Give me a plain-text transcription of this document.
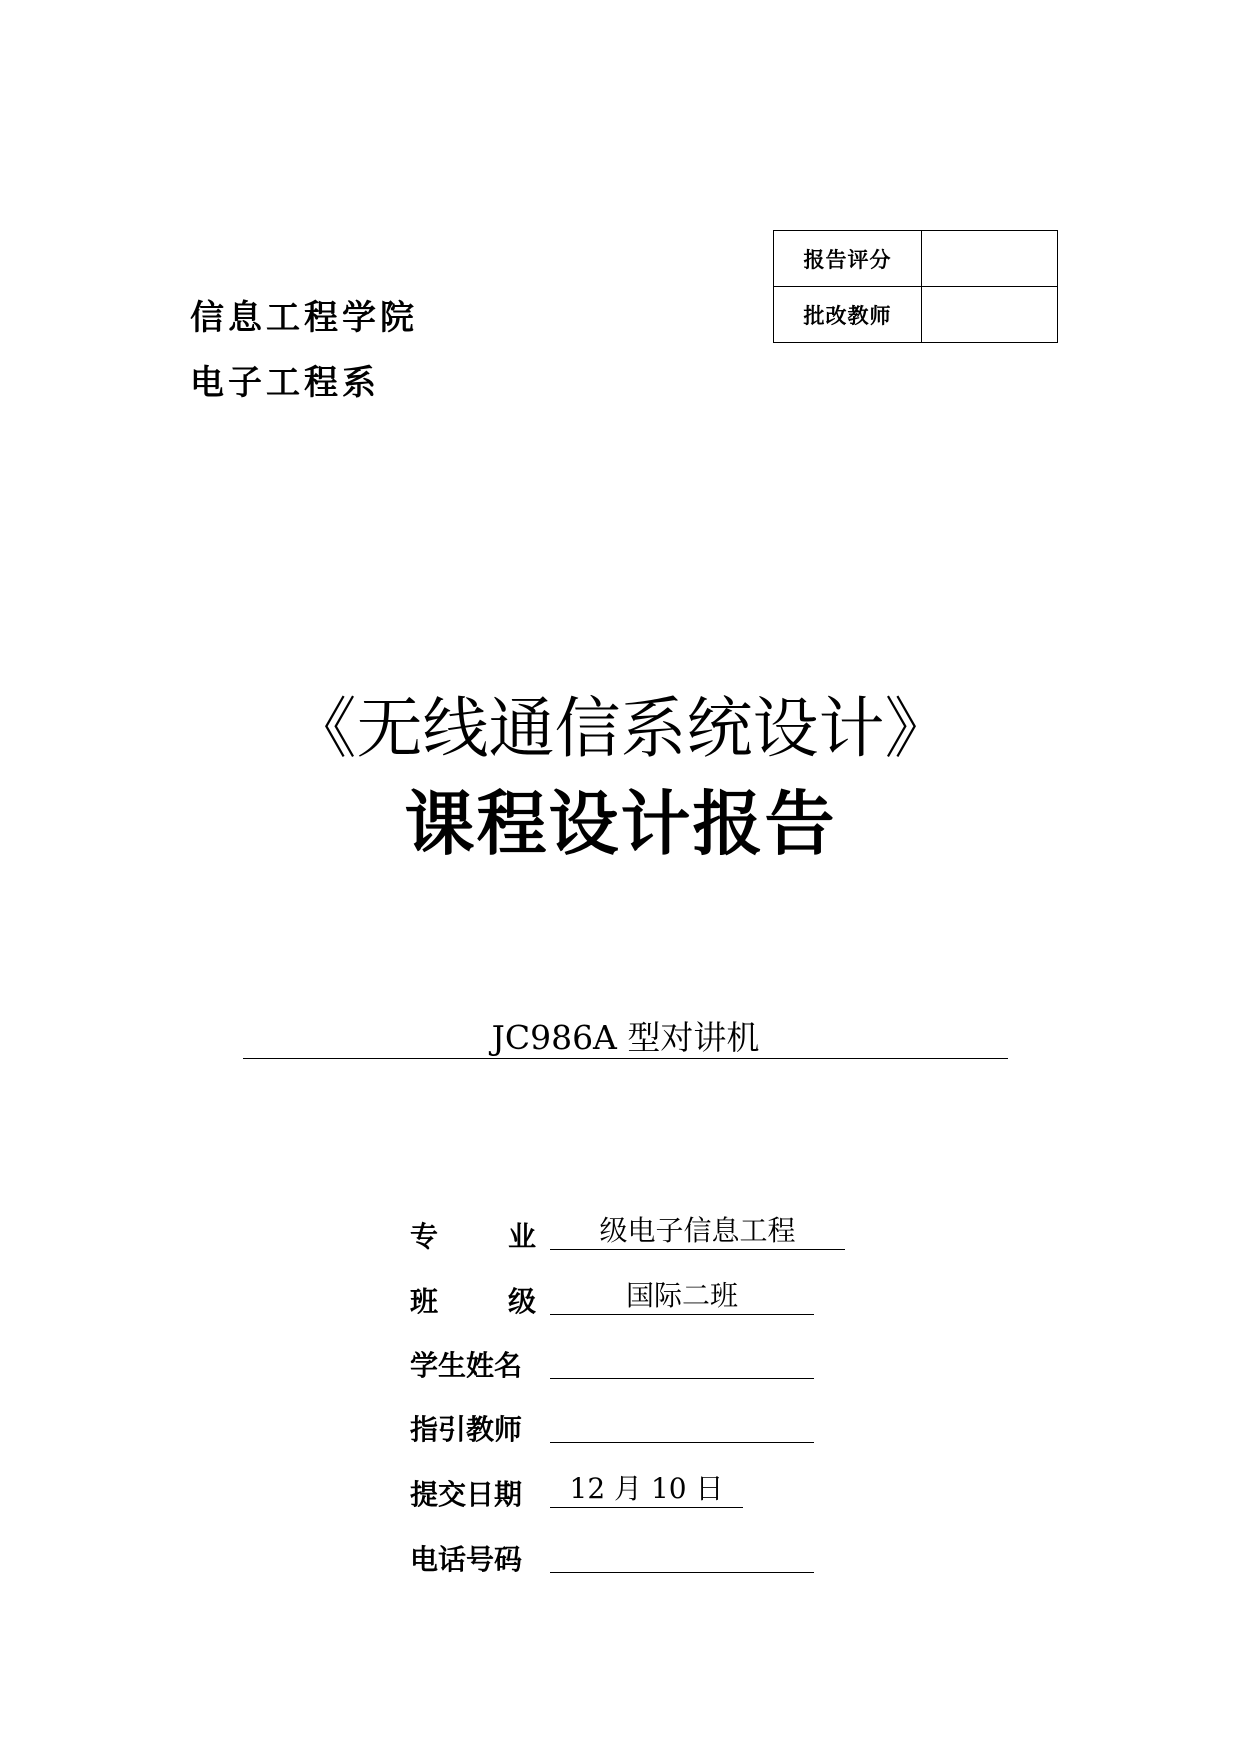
报告评分	
批改教师	
信息工程学院
电子工程系
《无线通信系统设计》
课程设计报告
JC986A 型对讲机
专 业	级电子信息工程
班 级	国际二班
学生姓名
指引教师
提交日期	12 月 10 日
电话号码
